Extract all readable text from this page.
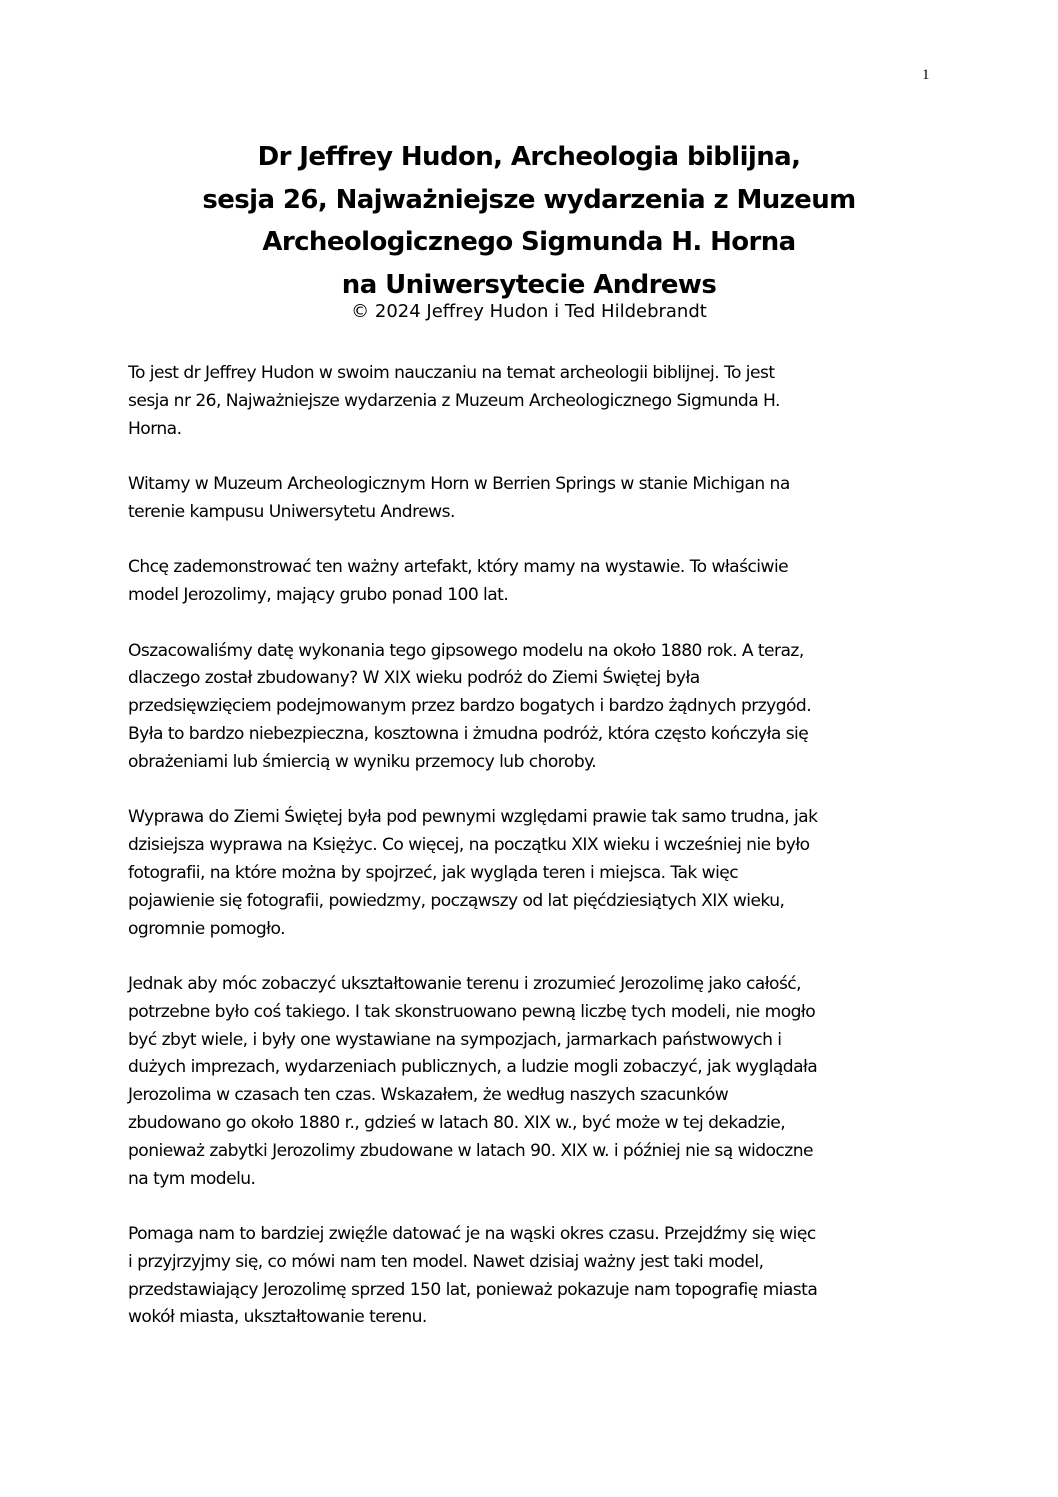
1
Dr Jeffrey Hudon, Archeologia biblijna,
sesja 26, Najważniejsze wydarzenia z Muzeum
Archeologicznego Sigmunda H. Horna
na Uniwersytecie Andrews
© 2024 Jeffrey Hudon i Ted Hildebrandt

To jest dr Jeffrey Hudon w swoim nauczaniu na temat archeologii biblijnej. To jest
sesja nr 26, Najważniejsze wydarzenia z Muzeum Archeologicznego Sigmunda H.
Horna.

Witamy w Muzeum Archeologicznym Horn w Berrien Springs w stanie Michigan na
terenie kampusu Uniwersytetu Andrews.

Chcę zademonstrować ten ważny artefakt, który mamy na wystawie. To właściwie
model Jerozolimy, mający grubo ponad 100 lat.

Oszacowaliśmy datę wykonania tego gipsowego modelu na około 1880 rok. A teraz,
dlaczego został zbudowany? W XIX wieku podróż do Ziemi Świętej była
przedsięwzięciem podejmowanym przez bardzo bogatych i bardzo żądnych przygód.
Była to bardzo niebezpieczna, kosztowna i żmudna podróż, która często kończyła się
obrażeniami lub śmiercią w wyniku przemocy lub choroby.

Wyprawa do Ziemi Świętej była pod pewnymi względami prawie tak samo trudna, jak
dzisiejsza wyprawa na Księżyc. Co więcej, na początku XIX wieku i wcześniej nie było
fotografii, na które można by spojrzeć, jak wygląda teren i miejsca. Tak więc
pojawienie się fotografii, powiedzmy, począwszy od lat pięćdziesiątych XIX wieku,
ogromnie pomogło.

Jednak aby móc zobaczyć ukształtowanie terenu i zrozumieć Jerozolimę jako całość,
potrzebne było coś takiego. I tak skonstruowano pewną liczbę tych modeli, nie mogło
być zbyt wiele, i były one wystawiane na sympozjach, jarmarkach państwowych i
dużych imprezach, wydarzeniach publicznych, a ludzie mogli zobaczyć, jak wyglądała
Jerozolima w czasach ten czas. Wskazałem, że według naszych szacunków
zbudowano go około 1880 r., gdzieś w latach 80. XIX w., być może w tej dekadzie,
ponieważ zabytki Jerozolimy zbudowane w latach 90. XIX w. i później nie są widoczne
na tym modelu.

Pomaga nam to bardziej zwięźle datować je na wąski okres czasu. Przejdźmy się więc
i przyjrzyjmy się, co mówi nam ten model. Nawet dzisiaj ważny jest taki model,
przedstawiający Jerozolimę sprzed 150 lat, ponieważ pokazuje nam topografię miasta
wokół miasta, ukształtowanie terenu.
